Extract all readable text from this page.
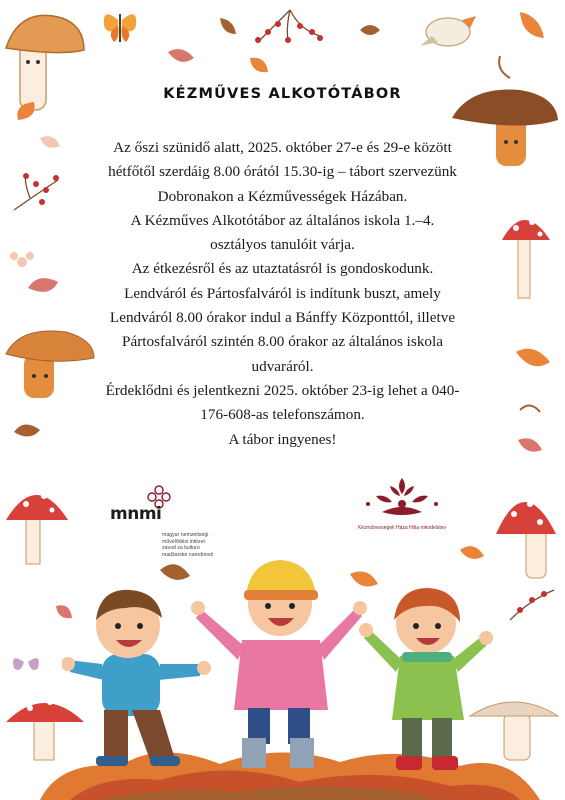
KÉZMŰVES ALKOTÓTÁBOR
Az őszi szünidő alatt, 2025. október 27-e és 29-e között
hétfőtől szerdáig 8.00 órától 15.30-ig – tábort szervezünk
Dobronakon a Kézművességek Házában.
A Kézműves Alkotótábor az általános iskola 1.–4.
osztályos tanulóit várja.
Az étkezésről és az utaztatásról is gondoskodunk.
Lendváról és Pártosfalváról is indítunk buszt, amely
Lendváról 8.00 órakor indul a Bánffy Központtól, illetve
Pártosfalváról szintén 8.00 órakor az általános iskola
udvaráról.
Érdeklődni és jelentkezni 2025. október 23-ig lehet a 040-
176-608-as telefonszámon.
A tábor ingyenes!
mnmi
magyar nemzetiségi
művelődési intézet
zavod za kulturo
madžarske narodnosti
Kézművességek Háza Hiša rokodelstev
